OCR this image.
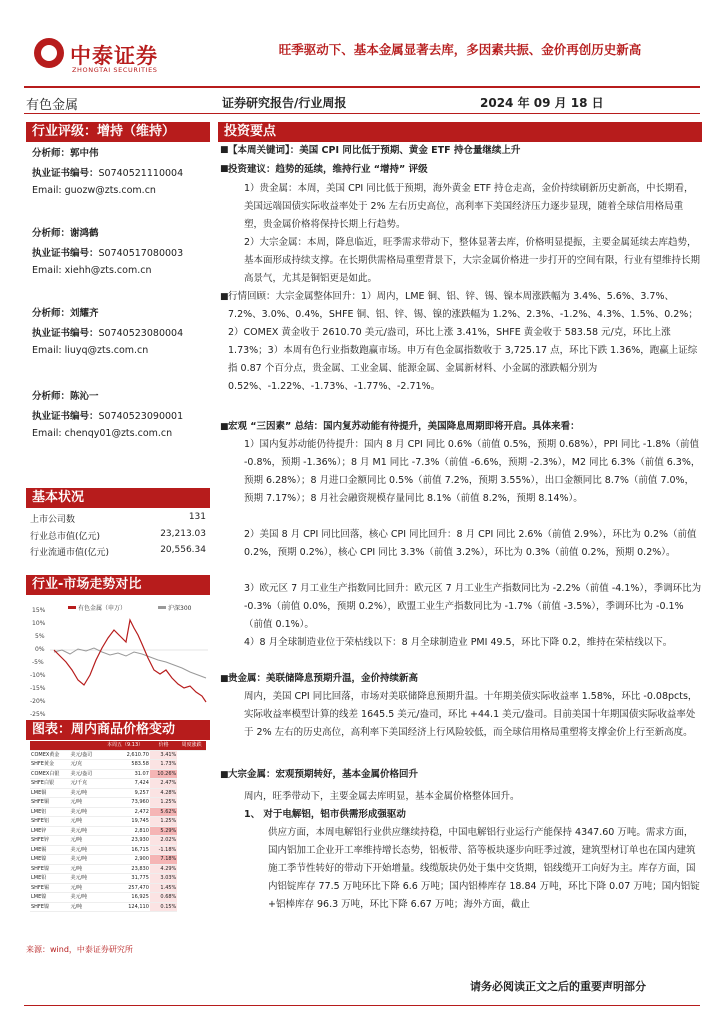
中泰证券
ZHONGTAI SECURITIES
旺季驱动下、基本金属显著去库，多因素共振、金价再创历史新高
有色金属	证券研究报告/行业周报	2024 年 09 月 18 日
行业评级：增持（维持）

分析师：郭中伟

执业证书编号：S0740521110004

Email: guozw@zts.com.cn

分析师：谢鸿鹤

执业证书编号：S0740517080003

Email: xiehh@zts.com.cn

分析师：刘耀齐

执业证书编号：S0740523080004

Email: liuyq@zts.com.cn

分析师：陈沁一

执业证书编号：S0740523090001

Email: chenqy01@zts.com.cn

基本状况
上市公司数	131
行业总市值(亿元)	23,213.03
行业流通市值(亿元)	20,556.34
行业-市场走势对比
15%
10%
5%
0%
-5%
-10%
-15%
-20%
-25%
有色金属（申万）	沪深300
图表：周内商品价格变动
		本周五（9.13）	价格	周度涨跌
COMEX黄金	美元/盎司	2,610.70	3.41%	
SHFE黄金	元/克	583.58	1.73%	
COMEX白银	美元/盎司	31.07	10.26%	
SHFE白银	元/千克	7,424	2.47%	
LME铜	美元/吨	9,257	4.28%	
SHFE铜	元/吨	73,960	1.25%	
LME铝	美元/吨	2,472	5.62%	
SHFE铝	元/吨	19,745	1.25%	
LME锌	美元/吨	2,810	5.29%	
SHFE锌	元/吨	23,930	2.02%	
LME锡	美元/吨	16,715	-1.18%	
LME镍	美元/吨	2,900	7.18%	
SHFE镍	元/吨	23,830	4.29%	
LME铅	美元/吨	31,775	3.03%	
SHFE锡	元/吨	257,470	1.45%	
LME镍	美元/吨	16,925	0.68%	
SHFE镍	元/吨	124,110	0.15%	
来源：wind，中泰证券研究所
投资要点
■ 【本周关键词】：美国 CPI 同比低于预期、黄金 ETF 持仓量继续上升
■ 投资建议：趋势的延续，维持行业 “增持” 评级
1）贵金属：本周，美国 CPI 同比低于预期，海外黄金 ETF 持仓走高，金价持续刷新历史新高，中长期看，美国远端国债实际收益率处于 2% 左右历史高位，高利率下美国经济压力逐步显现，随着全球信用格局重塑，贵金属价格将保持长期上行趋势。
2）大宗金属：本周，降息临近，旺季需求带动下，整体显著去库，价格明显提振，主要金属延续去库趋势，基本面形成持续支撑。在长期供需格局重塑背景下，大宗金属价格进一步打开的空间有限，行业有望维持长期高景气，尤其是铜铝更是如此。
■ 行情回顾：大宗金属整体回升：1）周内，LME 铜、铝、锌、锡、镍本周涨跌幅为 3.4%、5.6%、3.7%、7.2%、3.0%、0.4%，SHFE 铜、铝、锌、锡、镍的涨跌幅为 1.2%、2.3%、-1.2%、4.3%、1.5%、0.2%；2）COMEX 黄金收于 2610.70 美元/盎司，环比上涨 3.41%，SHFE 黄金收于 583.58 元/克，环比上涨 1.73%；3）本周有色行业指数跑赢市场。申万有色金属指数收于 3,725.17 点，环比下跌 1.36%，跑赢上证综指 0.87 个百分点，贵金属、工业金属、能源金属、金属新材料、小金属的涨跌幅分别为 0.52%、-1.22%、-1.73%、-1.77%、-2.71%。
■ 宏观 “三因素” 总结：国内复苏动能有待提升，美国降息周期即将开启。具体来看：
1）国内复苏动能仍待提升：国内 8 月 CPI 同比 0.6%（前值 0.5%，预期 0.68%），PPI 同比 -1.8%（前值 -0.8%，预期 -1.36%）；8 月 M1 同比 -7.3%（前值 -6.6%，预期 -2.3%），M2 同比 6.3%（前值 6.3%，预期 6.28%）；8 月进口金额同比 0.5%（前值 7.2%，预期 3.55%），出口金额同比 8.7%（前值 7.0%，预期 7.17%）；8 月社会融资规模存量同比 8.1%（前值 8.2%，预期 8.14%）。
2）美国 8 月 CPI 同比回落，核心 CPI 同比回升：8 月 CPI 同比 2.6%（前值 2.9%），环比为 0.2%（前值 0.2%，预期 0.2%），核心 CPI 同比 3.3%（前值 3.2%），环比为 0.3%（前值 0.2%，预期 0.2%）。
3）欧元区 7 月工业生产指数同比回升：欧元区 7 月工业生产指数同比为 -2.2%（前值 -4.1%），季调环比为 -0.3%（前值 0.0%，预期 0.2%），欧盟工业生产指数同比为 -1.7%（前值 -3.5%），季调环比为 -0.1%（前值 0.1%）。
4）8 月全球制造业位于荣枯线以下：8 月全球制造业 PMI 49.5，环比下降 0.2，维持在荣枯线以下。
■ 贵金属：美联储降息预期升温，金价持续新高
周内，美国 CPI 同比回落，市场对美联储降息预期升温。十年期美债实际收益率 1.58%，环比 -0.08pcts，实际收益率模型计算的线差 1645.5 美元/盎司，环比 +44.1 美元/盎司。目前美国十年期国债实际收益率处于 2% 左右的历史高位，高利率下美国经济上行风险较低，而全球信用格局重塑将支撑金价上行至新高度。
■ 大宗金属：宏观预期转好，基本金属价格回升
周内，旺季带动下，主要金属去库明显，基本金属价格整体回升。
1、 对于电解铝，铝市供需形成强驱动
供应方面，本周电解铝行业供应继续持稳，中国电解铝行业运行产能保持 4347.60 万吨。需求方面，国内铝加工企业开工率维持增长态势，铝板带、箔等板块逐步向旺季过渡，建筑型材订单也在国内建筑施工季节性转好的带动下开始增量。线缆版块仍处于集中交货期，铝线缆开工向好为主。库存方面，国内铝锭库存 77.5 万吨环比下降 6.6 万吨；国内铝棒库存 18.84 万吨，环比下降 0.07 万吨；国内铝锭+铝棒库存 96.3 万吨，环比下降 6.67 万吨；海外方面，截止
请务必阅读正文之后的重要声明部分
